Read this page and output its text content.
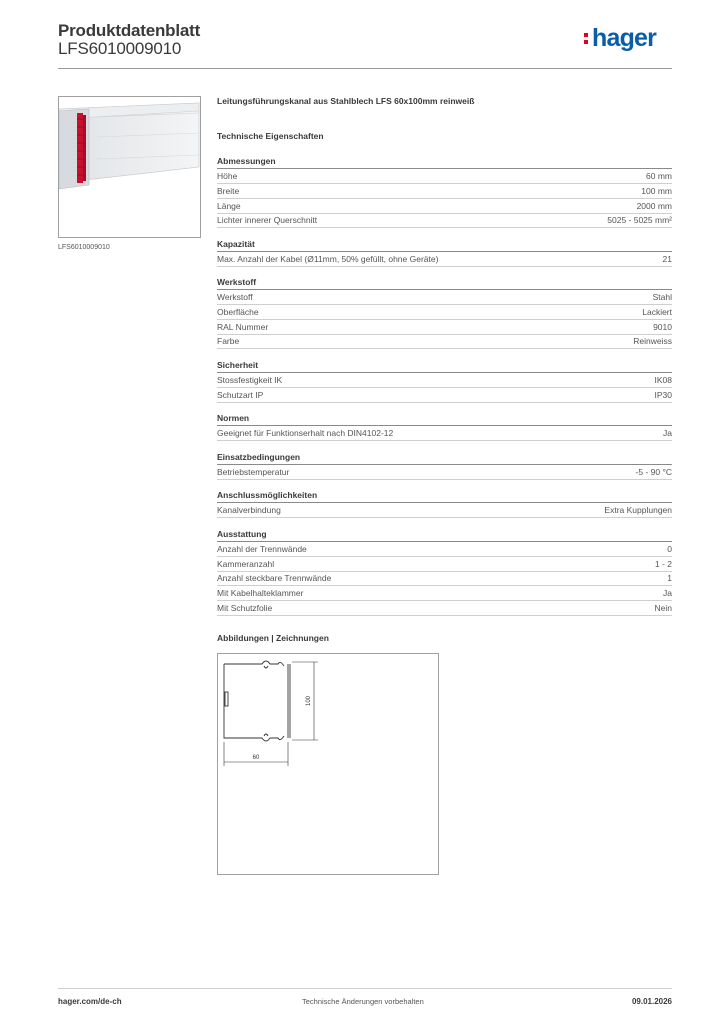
Produktdatenblatt
LFS6010009010	hager
LFS6010009010
Leitungsführungskanal aus Stahlblech LFS 60x100mm reinweiß
Technische Eigenschaften
Abmessungen
Höhe	60 mm
Breite	100 mm
Länge	2000 mm
Lichter innerer Querschnitt	5025 - 5025 mm²
Kapazität
Max. Anzahl der Kabel (Ø11mm, 50% gefüllt, ohne Geräte)	21
Werkstoff
Werkstoff	Stahl
Oberfläche	Lackiert
RAL Nummer	9010
Farbe	Reinweiss
Sicherheit
Stossfestigkeit IK	IK08
Schutzart IP	IP30
Normen
Geeignet für Funktionserhalt nach DIN4102-12	Ja
Einsatzbedingungen
Betriebstemperatur	-5 - 90 °C
Anschlussmöglichkeiten
Kanalverbindung	Extra Kupplungen
Ausstattung
Anzahl der Trennwände	0
Kammeranzahl	1 - 2
Anzahl steckbare Trennwände	1
Mit Kabelhalteklammer	Ja
Mit Schutzfolie	Nein
Abbildungen | Zeichnungen
100
60
hager.com/de-ch	Technische Änderungen vorbehalten	09.01.2026
